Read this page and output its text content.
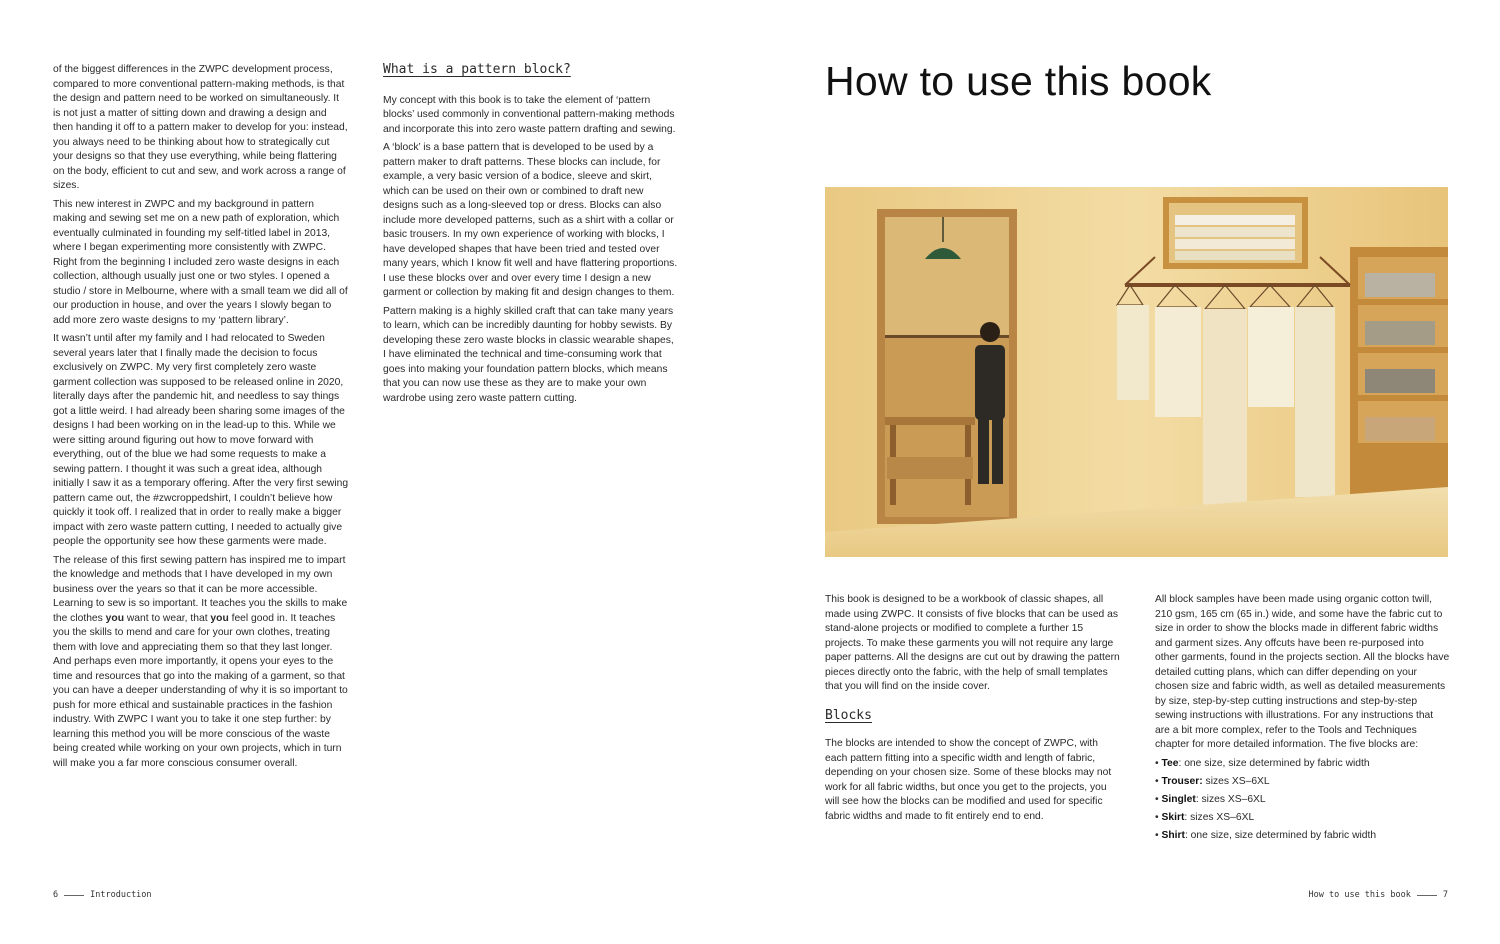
of the biggest differences in the ZWPC development process, compared to more conventional pattern-making methods, is that the design and pattern need to be worked on simultaneously. It is not just a matter of sitting down and drawing a design and then handing it off to a pattern maker to develop for you: instead, you always need to be thinking about how to strategically cut your designs so that they use everything, while being flattering on the body, efficient to cut and sew, and work across a range of sizes.

This new interest in ZWPC and my background in pattern making and sewing set me on a new path of exploration, which eventually culminated in founding my self-titled label in 2013, where I began experimenting more consistently with ZWPC. Right from the beginning I included zero waste designs in each collection, although usually just one or two styles. I opened a studio / store in Melbourne, where with a small team we did all of our production in house, and over the years I slowly began to add more zero waste designs to my ‘pattern library’.

It wasn’t until after my family and I had relocated to Sweden several years later that I finally made the decision to focus exclusively on ZWPC. My very first completely zero waste garment collection was supposed to be released online in 2020, literally days after the pandemic hit, and needless to say things got a little weird. I had already been sharing some images of the designs I had been working on in the lead-up to this. While we were sitting around figuring out how to move forward with everything, out of the blue we had some requests to make a sewing pattern. I thought it was such a great idea, although initially I saw it as a temporary offering. After the very first sewing pattern came out, the #zwcroppedshirt, I couldn’t believe how quickly it took off. I realized that in order to really make a bigger impact with zero waste pattern cutting, I needed to actually give people the opportunity see how these garments were made.

The release of this first sewing pattern has inspired me to impart the knowledge and methods that I have developed in my own business over the years so that it can be more accessible. Learning to sew is so important. It teaches you the skills to make the clothes you want to wear, that you feel good in. It teaches you the skills to mend and care for your own clothes, treating them with love and appreciating them so that they last longer. And perhaps even more importantly, it opens your eyes to the time and resources that go into the making of a garment, so that you can have a deeper understanding of why it is so important to push for more ethical and sustainable practices in the fashion industry. With ZWPC I want you to take it one step further: by learning this method you will be more conscious of the waste being created while working on your own projects, which in turn will make you a far more conscious consumer overall.

What is a pattern block?

My concept with this book is to take the element of ‘pattern blocks’ used commonly in conventional pattern-making methods and incorporate this into zero waste pattern drafting and sewing.

A ‘block’ is a base pattern that is developed to be used by a pattern maker to draft patterns. These blocks can include, for example, a very basic version of a bodice, sleeve and skirt, which can be used on their own or combined to draft new designs such as a long-sleeved top or dress. Blocks can also include more developed patterns, such as a shirt with a collar or basic trousers. In my own experience of working with blocks, I have developed shapes that have been tried and tested over many years, which I know fit well and have flattering proportions. I use these blocks over and over every time I design a new garment or collection by making fit and design changes to them.

Pattern making is a highly skilled craft that can take many years to learn, which can be incredibly daunting for hobby sewists. By developing these zero waste blocks in classic wearable shapes, I have eliminated the technical and time-consuming work that goes into making your foundation pattern blocks, which means that you can now use these as they are to make your own wardrobe using zero waste pattern cutting.

6	Introduction
How to use this book

This book is designed to be a workbook of classic shapes, all made using ZWPC. It consists of five blocks that can be used as stand-alone projects or modified to complete a further 15 projects. To make these garments you will not require any large paper patterns. All the designs are cut out by drawing the pattern pieces directly onto the fabric, with the help of small templates that you will find on the inside cover.

Blocks

The blocks are intended to show the concept of ZWPC, with each pattern fitting into a specific width and length of fabric, depending on your chosen size. Some of these blocks may not work for all fabric widths, but once you get to the projects, you will see how the blocks can be modified and used for specific fabric widths and made to fit entirely end to end.

All block samples have been made using organic cotton twill, 210 gsm, 165 cm (65 in.) wide, and some have the fabric cut to size in order to show the blocks made in different fabric widths and garment sizes. Any offcuts have been re-purposed into other garments, found in the projects section. All the blocks have detailed cutting plans, which can differ depending on your chosen size and fabric width, as well as detailed measurements by size, step-by-step cutting instructions and step-by-step sewing instructions with illustrations. For any instructions that are a bit more complex, refer to the Tools and Techniques chapter for more detailed information. The five blocks are:

• Tee: one size, size determined by fabric width
• Trouser: sizes XS–6XL
• Singlet: sizes XS–6XL
• Skirt: sizes XS–6XL
• Shirt: one size, size determined by fabric width
How to use this book	7
